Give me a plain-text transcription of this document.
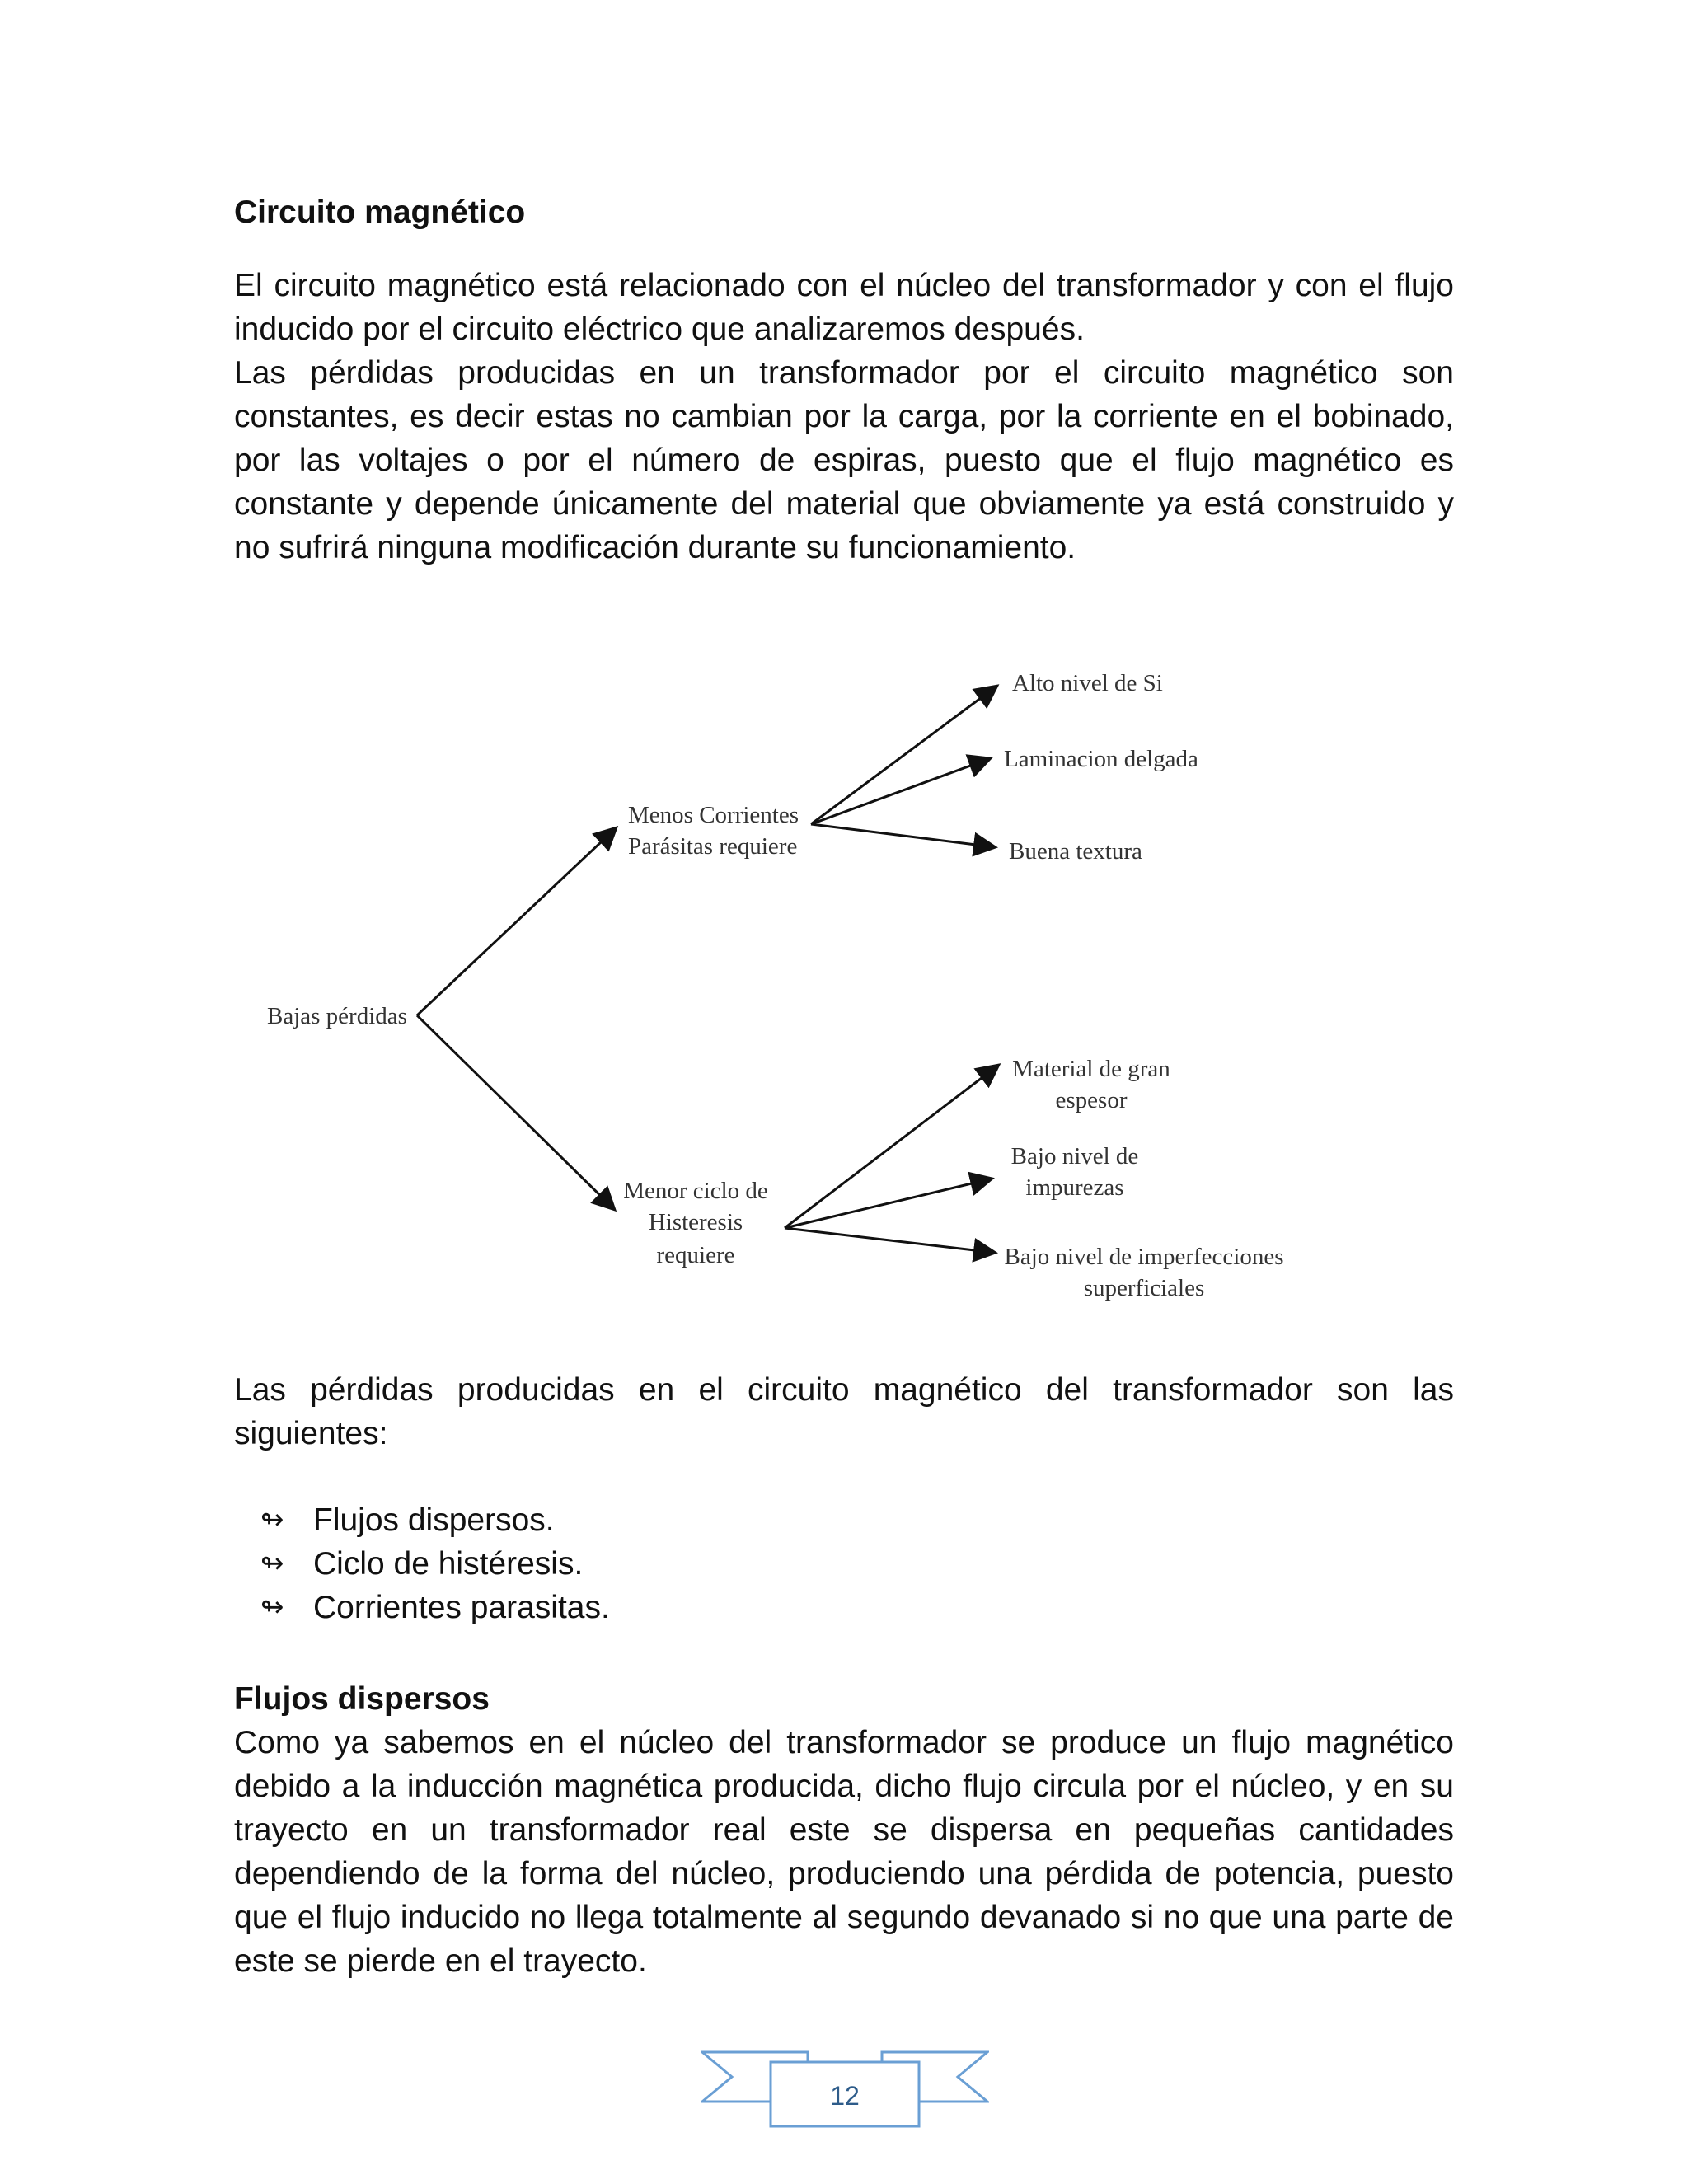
Circuito magnético

El circuito magnético está relacionado con el núcleo del transformador y con el flujo inducido por el circuito eléctrico que analizaremos después.

Las pérdidas producidas en un transformador por el circuito magnético son constantes, es decir estas no cambian por la carga, por la corriente en el bobinado, por las voltajes o por el número de espiras, puesto que el flujo magnético es constante y depende únicamente del material que obviamente ya está construido y no sufrirá ninguna modificación durante su funcionamiento.

Bajas pérdidas
Menos Corrientes
Parásitas requiere
Alto nivel de Si
Laminacion delgada
Buena textura
Menor ciclo de
Histeresis
requiere
Material de gran
espesor
Bajo nivel de
impurezas
Bajo nivel de imperfecciones
superficiales

Las pérdidas producidas en el circuito magnético del transformador son las siguientes:

↬ Flujos dispersos.
↬ Ciclo de histéresis.
↬ Corrientes parasitas.
Flujos dispersos

Como ya sabemos en el núcleo del transformador se produce un flujo magnético debido a la inducción magnética producida, dicho flujo circula por el núcleo, y en su trayecto en un transformador real este se dispersa en pequeñas cantidades dependiendo de la forma del núcleo, produciendo una pérdida de potencia, puesto que el flujo inducido no llega totalmente al segundo devanado si no que una parte de este se pierde en el trayecto.

12
